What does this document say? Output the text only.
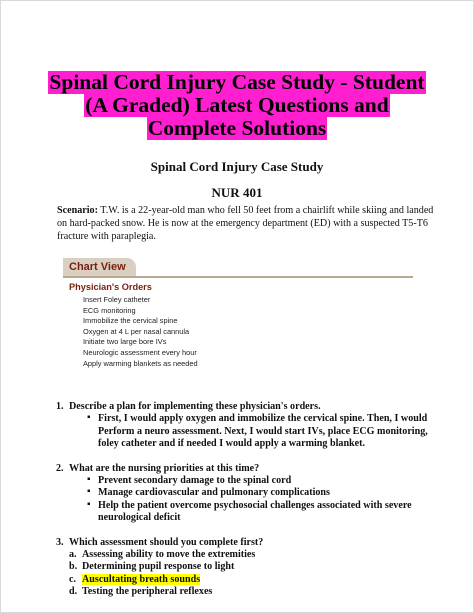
Spinal Cord Injury Case Study - Student
(A Graded) Latest Questions and
Complete Solutions
Spinal Cord Injury Case Study
NUR 401

Scenario: T.W. is a 22-year-old man who fell 50 feet from a chairlift while skiing and landed on hard-packed snow. He is now at the emergency department (ED) with a suspected T5-T6 fracture with paraplegia.

Chart View
Physician's Orders
Insert Foley catheter
ECG monitoring
Immobilize the cervical spine
Oxygen at 4 L per nasal cannula
Initiate two large bore IVs
Neurologic assessment every hour
Apply warming blankets as needed
1. Describe a plan for implementing these physician's orders.
▪ First, I would apply oxygen and immobilize the cervical spine. Then, I would Perform a neuro assessment. Next, I would start IVs, place ECG monitoring, foley catheter and if needed I would apply a warming blanket.
2. What are the nursing priorities at this time?
▪ Prevent secondary damage to the spinal cord
▪ Manage cardiovascular and pulmonary complications
▪ Help the patient overcome psychosocial challenges associated with severe neurological deficit
3. Which assessment should you complete first?
a. Assessing ability to move the extremities
b. Determining pupil response to light
c. Auscultating breath sounds
d. Testing the peripheral reflexes
